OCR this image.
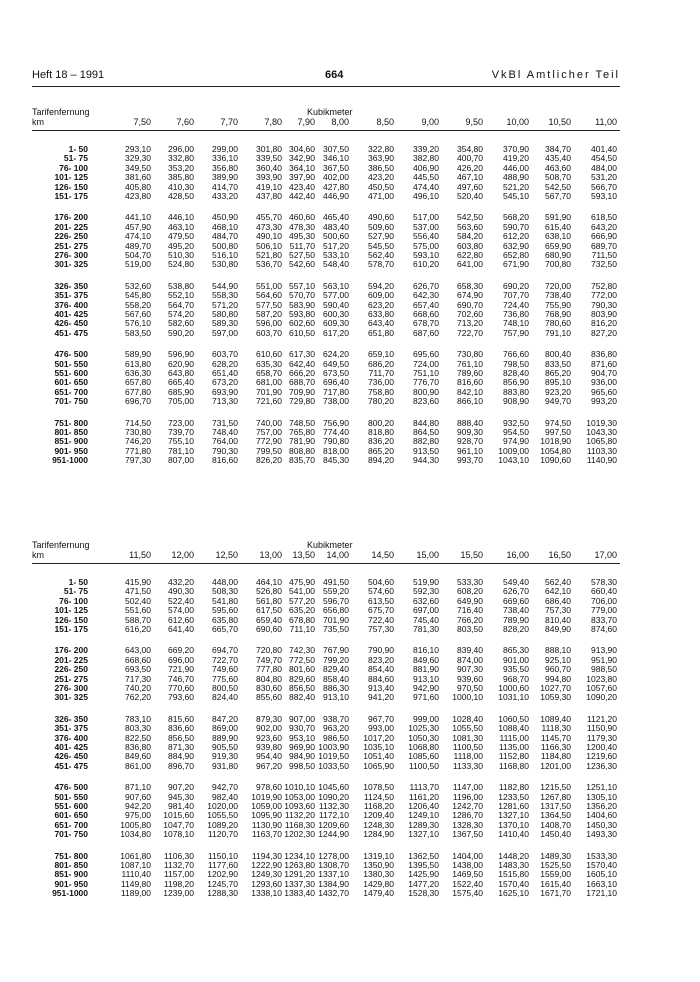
Heft 18 – 1991	664	VkBl Amtlicher Teil
Tarifenfernung
km
Kubikmeter
7,50	7,60	7,70	7,80	7,90	8,00	8,50	9,00	9,50	10,00	10,50	11,00
1- 50	293,10	296,00	299,00	301,80 304,60 307,50	322,80	339,20	354,80	370,90	384,70	401,40
51- 75	329,30	332,80	336,10	339,50 342,90 346,10	363,90	382,80	400,70	419,20	435,40	454,50
76- 100	349,50	353,20	356,80	360,40 364,10 367,50	386,50	406,90	426,20	446,00	463,60	484,00
101- 125	381,60	385,80	389,90	393,90 397,90 402,00	423,20	445,50	467,10	488,90	508,70	531,20
126- 150	405,80	410,30	414,70	419,10 423,40 427,80	450,50	474,40	497,60	521,20	542,50	566,70
151- 175	423,80	428,50	433,20	437,80 442,40 446,90	471,00	496,10	520,40	545,10	567,70	593,10
176- 200	441,10	446,10	450,90	455,70 460,60 465,40	490,60	517,00	542,50	568,20	591,90	618,50
201- 225	457,90	463,10	468,10	473,30 478,30 483,40	509,60	537,00	563,60	590,70	615,40	643,20
226- 250	474,10	479,50	484,70	490,10 495,30 500,60	527,90	556,40	584,20	612,20	638,10	666,90
251- 275	489,70	495,20	500,80	506,10 511,70 517,20	545,50	575,00	603,80	632,90	659,90	689,70
276- 300	504,70	510,30	516,10	521,80 527,50 533,10	562,40	593,10	622,80	652,80	680,90	711,50
301- 325	519,00	524,80	530,80	536,70 542,60 548,40	578,70	610,20	641,00	671,90	700,80	732,50
326- 350	532,60	538,80	544,90	551,00 557,10 563,10	594,20	626,70	658,30	690,20	720,00	752,80
351- 375	545,80	552,10	558,30	564,60 570,70 577,00	609,00	642,30	674,90	707,70	738,40	772,00
376- 400	558,20	564,70	571,20	577,50 583,90 590,40	623,20	657,40	690,70	724,40	755,90	790,30
401- 425	567,60	574,20	580,80	587,20 593,80 600,30	633,80	668,60	702,60	736,80	768,90	803,90
426- 450	576,10	582,60	589,30	596,00 602,60 609,30	643,40	678,70	713,20	748,10	780,60	816,20
451- 475	583,50	590,20	597,00	603,70 610,50 617,20	651,80	687,60	722,70	757,90	791,10	827,20
476- 500	589,90	596,90	603,70	610,60 617,30 624,20	659,10	695,60	730,80	766,60	800,40	836,80
501- 550	613,80	620,90	628,20	635,30 642,40 649,50	686,20	724,00	761,10	798,50	833,50	871,60
551- 600	636,30	643,80	651,40	658,70 666,20 673,50	711,70	751,10	789,60	828,40	865,20	904,70
601- 650	657,80	665,40	673,20	681,00 688,70 696,40	736,00	776,70	816,60	856,90	895,10	936,00
651- 700	677,80	685,90	693,90	701,90 709,90 717,80	758,80	800,90	842,10	883,80	923,20	965,60
701- 750	696,70	705,00	713,30	721,60 729,80 738,00	780,20	823,60	866,10	908,90	949,70	993,20
751- 800	714,50	723,00	731,50	740,00 748,50 756,90	800,20	844,80	888,40	932,50	974,50	1019,30
801- 850	730,80	739,70	748,40	757,00 765,80 774,40	818,80	864,50	909,30	954,50	997,50	1043,30
851- 900	746,20	755,10	764,00	772,90 781,90 790,80	836,20	882,80	928,70	974,90	1018,90	1065,80
901- 950	771,80	781,10	790,30	799,50 808,80 818,00	865,20	913,50	961,10	1009,00	1054,80	1103,30
951-1000	797,30	807,00	816,60	826,20 835,70 845,30	894,20	944,30	993,70	1043,10	1090,60	1140,90
Tarifenfernung
km
Kubikmeter
11,50	12,00	12,50	13,00	13,50	14,00	14,50	15,00	15,50	16,00	16,50	17,00
1- 50	415,90	432,20	448,00	464,10 475,90 491,50	504,60	519,90	533,30	549,40	562,40	578,30
51- 75	471,50	490,30	508,30	526,80 541,00 559,20	574,60	592,30	608,20	626,70	642,10	660,40
76- 100	502,40	522,40	541,80	561,80 577,20 596,70	613,50	632,60	649,90	669,60	686,40	706,00
101- 125	551,60	574,00	595,60	617,50 635,20 656,80	675,70	697,00	716,40	738,40	757,30	779,00
126- 150	588,70	612,60	635,80	659,40 678,80 701,90	722,40	745,40	766,20	789,90	810,40	833,70
151- 175	616,20	641,40	665,70	690,60 711,10 735,50	757,30	781,30	803,50	828,20	849,90	874,60
176- 200	643,00	669,20	694,70	720,80 742,30 767,90	790,90	816,10	839,40	865,30	888,10	913,90
201- 225	668,60	696,00	722,70	749,70 772,50 799,20	823,20	849,60	874,00	901,00	925,10	951,90
226- 250	693,50	721,90	749,60	777,80 801,60 829,40	854,40	881,90	907,30	935,50	960,70	988,50
251- 275	717,30	746,70	775,60	804,80 829,60 858,40	884,60	913,10	939,60	968,70	994,80	1023,80
276- 300	740,20	770,60	800,50	830,60 856,50 886,30	913,40	942,90	970,50	1000,60	1027,70	1057,60
301- 325	762,20	793,60	824,40	855,60 882,40 913,10	941,20	971,60	1000,10	1031,10	1059,30	1090,20
326- 350	783,10	815,60	847,20	879,30 907,00 938,70	967,70	999,00	1028,40	1060,50	1089,40	1121,20
351- 375	803,30	836,60	869,00	902,00 930,70 963,20	993,00	1025,30	1055,50	1088,40	1118,30	1150,90
376- 400	822,50	856,50	889,90	923,60 953,10 986,50	1017,20	1050,30	1081,30	1115,00	1145,70	1179,30
401- 425	836,80	871,30	905,50	939,80 969,90 1003,90	1035,10	1068,80	1100,50	1135,00	1166,30	1200,40
426- 450	849,60	884,90	919,30	954,40 984,90 1019,50	1051,40	1085,60	1118,00	1152,80	1184,80	1219,60
451- 475	861,00	896,70	931,80	967,20 998,50 1033,50	1065,90	1100,50	1133,30	1168,80	1201,00	1236,30
476- 500	871,10	907,20	942,70	978,60 1010,10 1045,60	1078,50	1113,70	1147,00	1182,80	1215,50	1251,10
501- 550	907,60	945,30	982,40	1019,90 1053,00 1090,20	1124,50	1161,20	1196,00	1233,50	1267,80	1305,10
551- 600	942,20	981,40	1020,00	1059,00 1093,60 1132,30	1168,20	1206,40	1242,70	1281,60	1317,50	1356,20
601- 650	975,00	1015,60	1055,50	1095,90 1132,20 1172,10	1209,40	1249,10	1286,70	1327,10	1364,50	1404,60
651- 700	1005,80	1047,70	1089,20	1130,90 1168,30 1209,60	1248,30	1289,30	1328,30	1370,10	1408,70	1450,30
701- 750	1034,80	1078,10	1120,70	1163,70 1202,30 1244,90	1284,90	1327,10	1367,50	1410,40	1450,40	1493,30
751- 800	1061,80	1106,30	1150,10	1194,30 1234,10 1278,00	1319,10	1362,50	1404,00	1448,20	1489,30	1533,30
801- 850	1087,10	1132,70	1177,60	1222,90 1263,80 1308,70	1350,90	1395,50	1438,00	1483,30	1525,50	1570,40
851- 900	1110,40	1157,00	1202,90	1249,30 1291,20 1337,10	1380,30	1425,90	1469,50	1515,80	1559,00	1605,10
901- 950	1149,80	1198,20	1245,70	1293,60 1337,30 1384,90	1429,80	1477,20	1522,40	1570,40	1615,40	1663,10
951-1000	1189,00	1239,00	1288,30	1338,10 1383,40 1432,70	1479,40	1528,30	1575,40	1625,10	1671,70	1721,10
